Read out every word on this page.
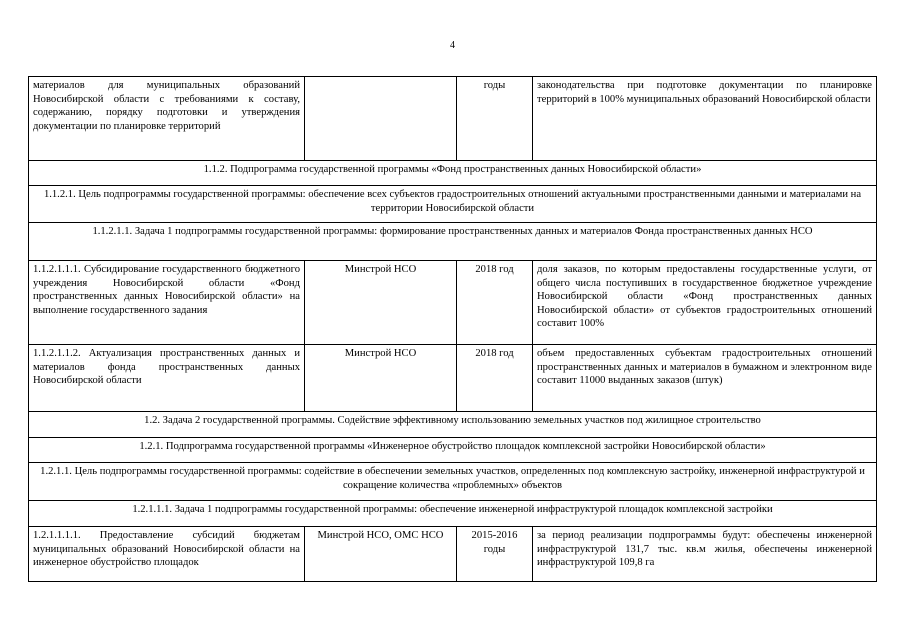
4
материалов для муниципальных образований Новосибирской области с требованиями к составу, содержанию, порядку подготовки и утверждения документации по планировке территорий		годы	законодательства при подготовке документации по планировке территорий в 100% муниципальных образований Новосибирской области
1.1.2. Подпрограмма государственной программы «Фонд пространственных данных Новосибирской области»			
1.1.2.1. Цель подпрограммы государственной программы: обеспечение всех субъектов градостроительных отношений актуальными пространственными данными и материалами на территории Новосибирской области			
1.1.2.1.1. Задача 1 подпрограммы государственной программы: формирование пространственных данных и материалов Фонда пространственных данных НСО			
1.1.2.1.1.1. Субсидирование государственного бюджетного учреждения Новосибирской области «Фонд пространственных данных Новосибирской области» на выполнение государственного задания	Минстрой НСО	2018 год	доля заказов, по которым предоставлены государственные услуги, от общего числа поступивших в государственное бюджетное учреждение Новосибирской области «Фонд пространственных данных Новосибирской области» от субъектов градостроительных отношений составит 100%
1.1.2.1.1.2. Актуализация пространственных данных и материалов фонда пространственных данных Новосибирской области	Минстрой НСО	2018 год	объем предоставленных субъектам градостроительных отношений пространственных данных и материалов в бумажном и электронном виде составит 11000 выданных заказов (штук)
1.2. Задача 2 государственной программы. Содействие эффективному использованию земельных участков под жилищное строительство			
1.2.1. Подпрограмма государственной программы «Инженерное обустройство площадок комплексной застройки Новосибирской области»			
1.2.1.1. Цель подпрограммы государственной программы: содействие в обеспечении земельных участков, определенных под комплексную застройку, инженерной инфраструктурой и сокращение количества «проблемных» объектов			
1.2.1.1.1. Задача 1 подпрограммы государственной программы: обеспечение инженерной инфраструктурой площадок комплексной застройки			
1.2.1.1.1.1. Предоставление субсидий бюджетам муниципальных образований Новосибирской области на инженерное обустройство площадок	Минстрой НСО, ОМС НСО	2015-2016 годы	за период реализации подпрограммы будут: обеспечены инженерной инфраструктурой 131,7 тыс. кв.м жилья, обеспечены инженерной инфраструктурой 109,8 га
